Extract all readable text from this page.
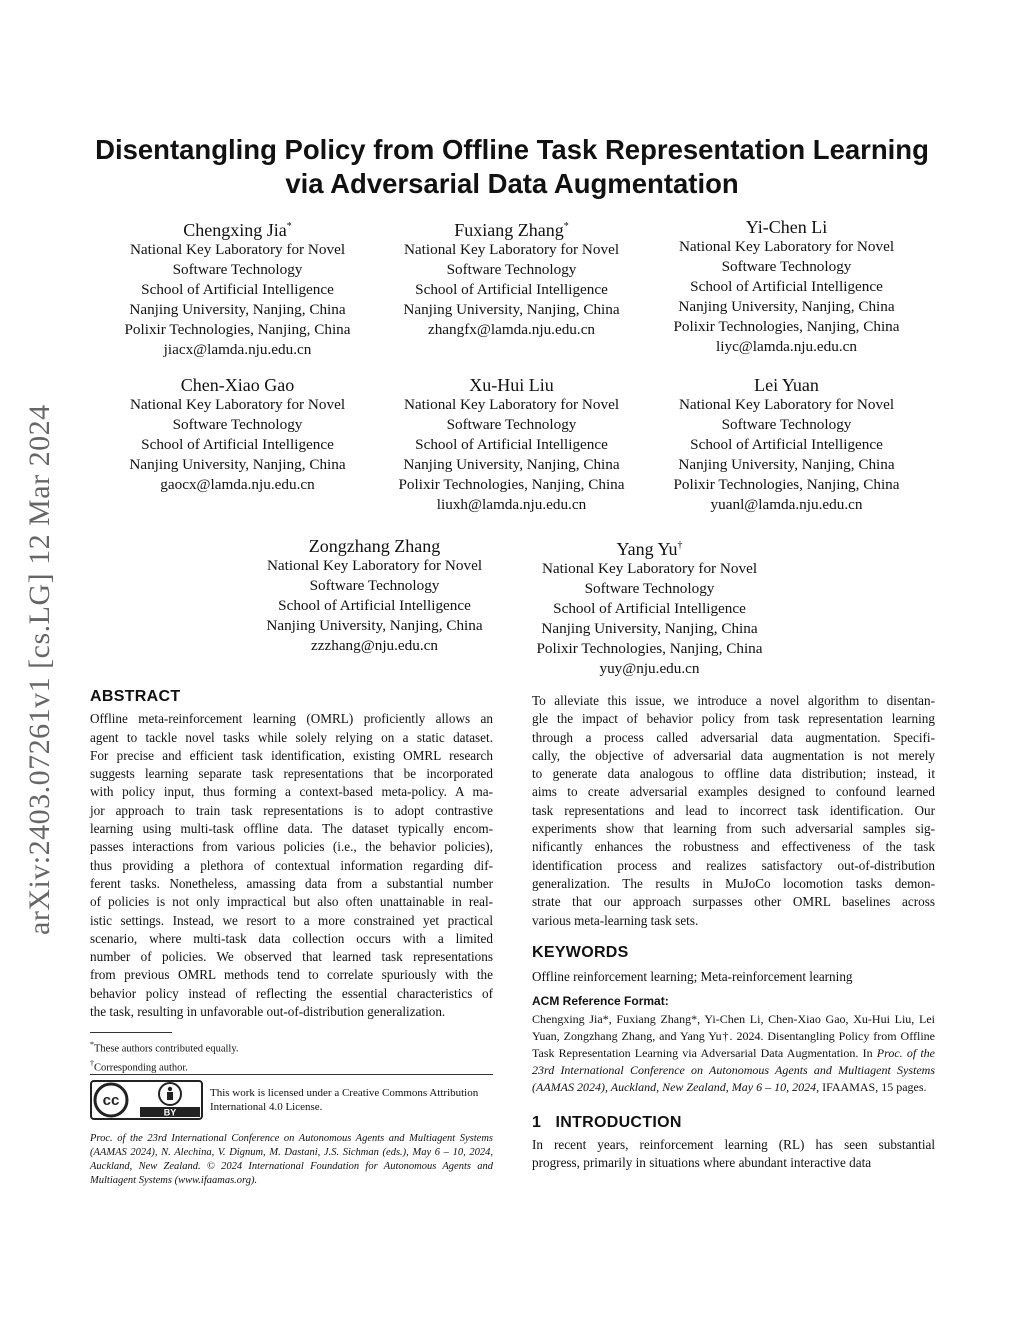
arXiv:2403.07261v1 [cs.LG] 12 Mar 2024
Disentangling Policy from Offline Task Representation Learning
via Adversarial Data Augmentation
Chengxing Jia*
National Key Laboratory for Novel
Software Technology
School of Artificial Intelligence
Nanjing University, Nanjing, China
Polixir Technologies, Nanjing, China
jiacx@lamda.nju.edu.cn
Fuxiang Zhang*
National Key Laboratory for Novel
Software Technology
School of Artificial Intelligence
Nanjing University, Nanjing, China
zhangfx@lamda.nju.edu.cn
Yi-Chen Li
National Key Laboratory for Novel
Software Technology
School of Artificial Intelligence
Nanjing University, Nanjing, China
Polixir Technologies, Nanjing, China
liyc@lamda.nju.edu.cn
Chen-Xiao Gao
National Key Laboratory for Novel
Software Technology
School of Artificial Intelligence
Nanjing University, Nanjing, China
gaocx@lamda.nju.edu.cn
Xu-Hui Liu
National Key Laboratory for Novel
Software Technology
School of Artificial Intelligence
Nanjing University, Nanjing, China
Polixir Technologies, Nanjing, China
liuxh@lamda.nju.edu.cn
Lei Yuan
National Key Laboratory for Novel
Software Technology
School of Artificial Intelligence
Nanjing University, Nanjing, China
Polixir Technologies, Nanjing, China
yuanl@lamda.nju.edu.cn
Zongzhang Zhang
National Key Laboratory for Novel
Software Technology
School of Artificial Intelligence
Nanjing University, Nanjing, China
zzzhang@nju.edu.cn
Yang Yu†
National Key Laboratory for Novel
Software Technology
School of Artificial Intelligence
Nanjing University, Nanjing, China
Polixir Technologies, Nanjing, China
yuy@nju.edu.cn
ABSTRACT
Offline meta-reinforcement learning (OMRL) proficiently allows an
agent to tackle novel tasks while solely relying on a static dataset.
For precise and efficient task identification, existing OMRL research
suggests learning separate task representations that be incorporated
with policy input, thus forming a context-based meta-policy. A ma-
jor approach to train task representations is to adopt contrastive
learning using multi-task offline data. The dataset typically encom-
passes interactions from various policies (i.e., the behavior policies),
thus providing a plethora of contextual information regarding dif-
ferent tasks. Nonetheless, amassing data from a substantial number
of policies is not only impractical but also often unattainable in real-
istic settings. Instead, we resort to a more constrained yet practical
scenario, where multi-task data collection occurs with a limited
number of policies. We observed that learned task representations
from previous OMRL methods tend to correlate spuriously with the
behavior policy instead of reflecting the essential characteristics of
the task, resulting in unfavorable out-of-distribution generalization.
*These authors contributed equally.
†Corresponding author.
cc
BY
This work is licensed under a Creative Commons Attribution International 4.0 License.
Proc. of the 23rd International Conference on Autonomous Agents and Multiagent Systems (AAMAS 2024), N. Alechina, V. Dignum, M. Dastani, J.S. Sichman (eds.), May 6 – 10, 2024, Auckland, New Zealand. © 2024 International Foundation for Autonomous Agents and Multiagent Systems (www.ifaamas.org).
To alleviate this issue, we introduce a novel algorithm to disentan-
gle the impact of behavior policy from task representation learning
through a process called adversarial data augmentation. Specifi-
cally, the objective of adversarial data augmentation is not merely
to generate data analogous to offline data distribution; instead, it
aims to create adversarial examples designed to confound learned
task representations and lead to incorrect task identification. Our
experiments show that learning from such adversarial samples sig-
nificantly enhances the robustness and effectiveness of the task
identification process and realizes satisfactory out-of-distribution
generalization. The results in MuJoCo locomotion tasks demon-
strate that our approach surpasses other OMRL baselines across
various meta-learning task sets.
KEYWORDS
Offline reinforcement learning; Meta-reinforcement learning
ACM Reference Format:
Chengxing Jia*, Fuxiang Zhang*, Yi-Chen Li, Chen-Xiao Gao, Xu-Hui Liu, Lei Yuan, Zongzhang Zhang, and Yang Yu†. 2024. Disentangling Policy from Offline Task Representation Learning via Adversarial Data Augmentation. In Proc. of the 23rd International Conference on Autonomous Agents and Multiagent Systems (AAMAS 2024), Auckland, New Zealand, May 6 – 10, 2024, IFAAMAS, 15 pages.
1 INTRODUCTION
In recent years, reinforcement learning (RL) has seen substantial
progress, primarily in situations where abundant interactive data
